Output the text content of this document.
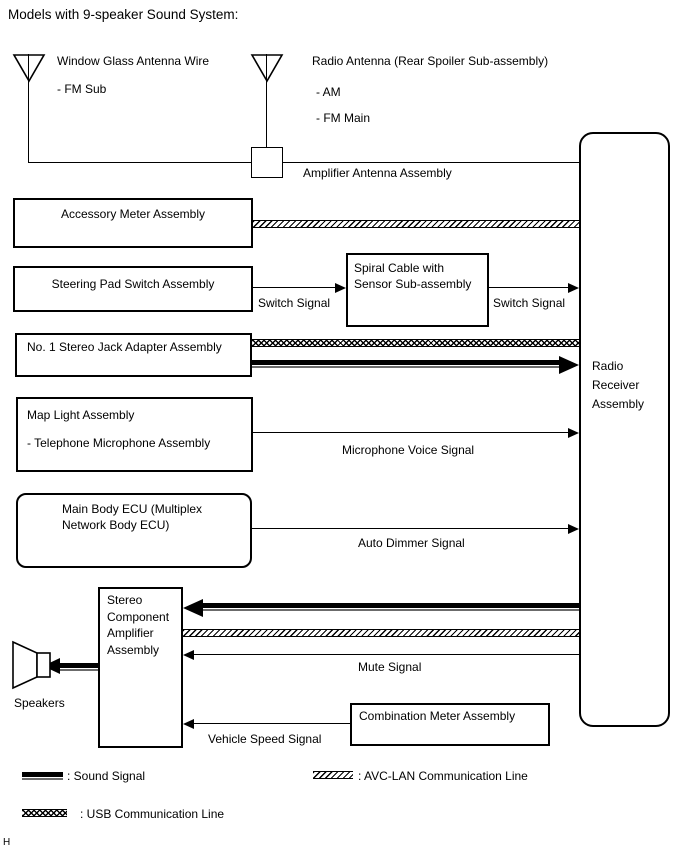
Models with 9-speaker Sound System:
Accessory Meter Assembly
Steering Pad Switch Assembly
Spiral Cable with
Sensor Sub-assembly
No. 1 Stereo Jack Adapter Assembly
Map Light Assembly
- Telephone Microphone Assembly
Main Body ECU (Multiplex
Network Body ECU)
Stereo
Component
Amplifier
Assembly
Combination Meter Assembly
Radio
Receiver
Assembly
Window Glass Antenna Wire
- FM Sub
Radio Antenna (Rear Spoiler Sub-assembly)
- AM
- FM Main
Amplifier Antenna Assembly
Switch Signal	Switch Signal
Microphone Voice Signal
Auto Dimmer Signal
Mute Signal
Vehicle Speed Signal
Speakers
: Sound Signal	: AVC-LAN Communication Line
: USB Communication Line
H
